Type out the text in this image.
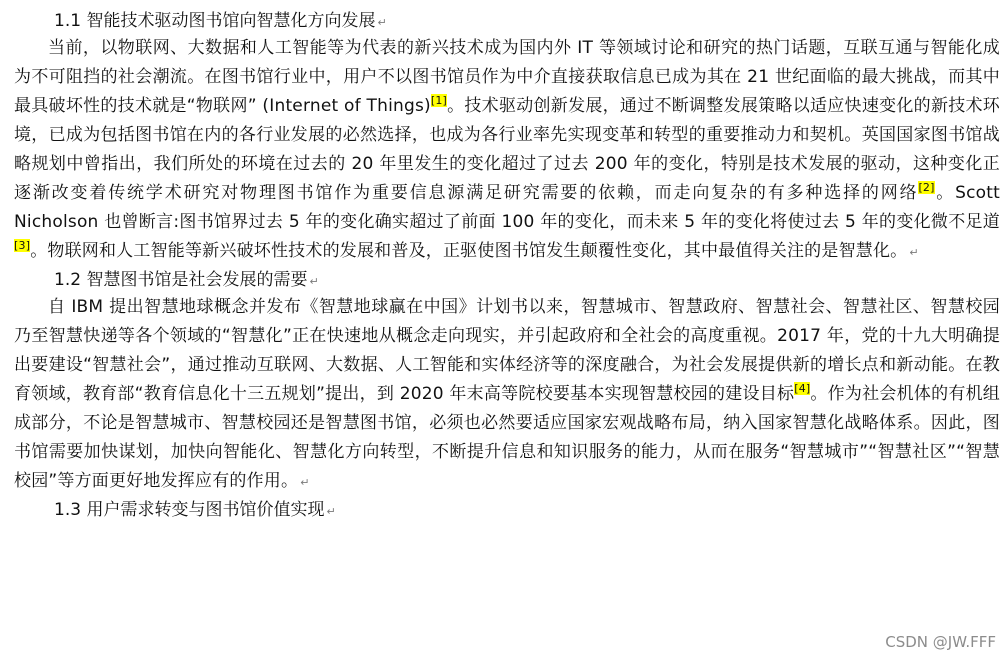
1.1 智能技术驱动图书馆向智慧化方向发展 ↵

当前，以物联网、大数据和人工智能等为代表的新兴技术成为国内外 IT 等领域讨论和研究的热门话题，互联互通与智能化成为不可阻挡的社会潮流。在图书馆行业中，用户不以图书馆员作为中介直接获取信息已成为其在 21 世纪面临的最大挑战，而其中最具破坏性的技术就是“物联网” (Internet of Things)[1]。技术驱动创新发展，通过不断调整发展策略以适应快速变化的新技术环境，已成为包括图书馆在内的各行业发展的必然选择，也成为各行业率先实现变革和转型的重要推动力和契机。英国国家图书馆战略规划中曾指出，我们所处的环境在过去的 20 年里发生的变化超过了过去 200 年的变化，特别是技术发展的驱动，这种变化正逐渐改变着传统学术研究对物理图书馆作为重要信息源满足研究需要的依赖，而走向复杂的有多种选择的网络[2]。Scott Nicholson 也曾断言:图书馆界过去 5 年的变化确实超过了前面 100 年的变化，而未来 5 年的变化将使过去 5 年的变化微不足道[3]。物联网和人工智能等新兴破坏性技术的发展和普及，正驱使图书馆发生颠覆性变化，其中最值得关注的是智慧化。 ↵

1.2 智慧图书馆是社会发展的需要 ↵

自 IBM 提出智慧地球概念并发布《智慧地球赢在中国》计划书以来，智慧城市、智慧政府、智慧社会、智慧社区、智慧校园乃至智慧快递等各个领域的“智慧化”正在快速地从概念走向现实，并引起政府和全社会的高度重视。2017 年，党的十九大明确提出要建设“智慧社会”，通过推动互联网、大数据、人工智能和实体经济等的深度融合，为社会发展提供新的增长点和新动能。在教育领域，教育部“教育信息化十三五规划”提出，到 2020 年末高等院校要基本实现智慧校园的建设目标[4]。作为社会机体的有机组成部分，不论是智慧城市、智慧校园还是智慧图书馆，必须也必然要适应国家宏观战略布局，纳入国家智慧化战略体系。因此，图书馆需要加快谋划，加快向智能化、智慧化方向转型，不断提升信息和知识服务的能力，从而在服务“智慧城市”“智慧社区”“智慧校园”等方面更好地发挥应有的作用。 ↵

1.3 用户需求转变与图书馆价值实现 ↵

CSDN @JW.FFF
